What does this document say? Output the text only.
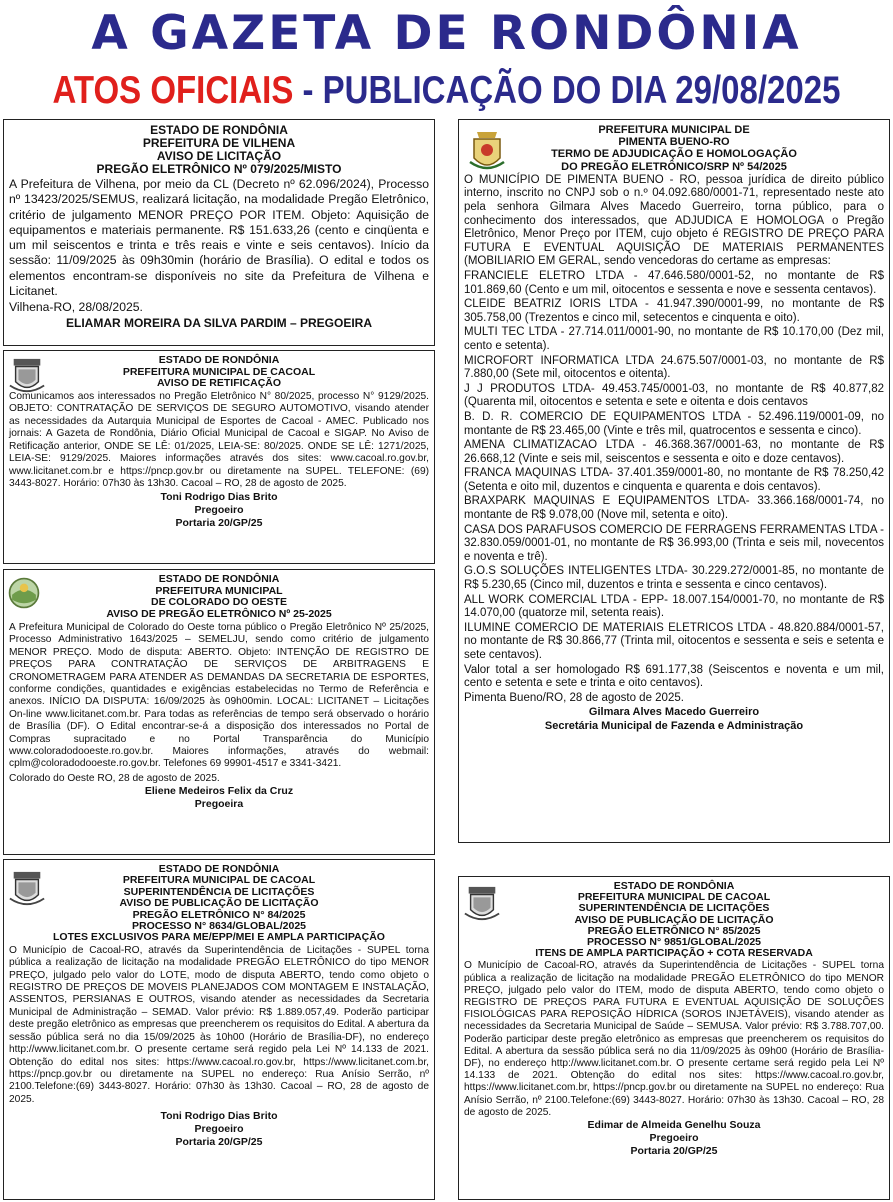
A GAZETA DE RONDÔNIA
ATOS OFICIAIS - PUBLICAÇÃO DO DIA 29/08/2025
ESTADO DE RONDÔNIA
PREFEITURA DE VILHENA
AVISO DE LICITAÇÃO
PREGÃO ELETRÔNICO Nº 079/2025/MISTO
A Prefeitura de Vilhena, por meio da CL (Decreto nº 62.096/2024), Processo nº 13423/2025/SEMUS, realizará licitação, na modalidade Pregão Eletrônico, critério de julgamento MENOR PREÇO POR ITEM. Objeto: Aquisição de equipamentos e materiais permanente. R$ 151.633,26 (cento e cinqüenta e um mil seiscentos e trinta e três reais e vinte e seis centavos). Início da sessão: 11/09/2025 às 09h30min (horário de Brasília). O edital e todos os elementos encontram-se disponíveis no site da Prefeitura de Vilhena e Licitanet.
Vilhena-RO, 28/08/2025.
ELIAMAR MOREIRA DA SILVA PARDIM – PREGOEIRA
ESTADO DE RONDÔNIA
PREFEITURA MUNICIPAL DE CACOAL
AVISO DE RETIFICAÇÃO
Comunicamos aos interessados no Pregão Eletrônico N° 80/2025, processo N° 9129/2025. OBJETO: CONTRATAÇÃO DE SERVIÇOS DE SEGURO AUTOMOTIVO, visando atender as necessidades da Autarquia Municipal de Esportes de Cacoal - AMEC. Publicado nos jornais: A Gazeta de Rondônia, Diário Oficial Municipal de Cacoal e SIGAP. No Aviso de Retificação anterior, ONDE SE LÊ: 01/2025, LEIA-SE: 80/2025. ONDE SE LÊ: 1271/2025, LEIA-SE: 9129/2025. Maiores informações através dos sites: www.cacoal.ro.gov.br, www.licitanet.com.br e https://pncp.gov.br ou diretamente na SUPEL. TELEFONE: (69) 3443-8027. Horário: 07h30 às 13h30. Cacoal – RO, 28 de agosto de 2025.
Toni Rodrigo Dias Brito
Pregoeiro
Portaria 20/GP/25
ESTADO DE RONDÔNIA
PREFEITURA MUNICIPAL
DE COLORADO DO OESTE
AVISO DE PREGÃO ELETRÔNICO Nº 25-2025
A Prefeitura Municipal de Colorado do Oeste torna público o Pregão Eletrônico Nº 25/2025, Processo Administrativo 1643/2025 – SEMELJU, sendo como critério de julgamento MENOR PREÇO. Modo de disputa: ABERTO. Objeto: INTENÇÃO DE REGISTRO DE PREÇOS PARA CONTRATAÇÃO DE SERVIÇOS DE ARBITRAGENS E CRONOMETRAGEM PARA ATENDER AS DEMANDAS DA SECRETARIA DE ESPORTES, conforme condições, quantidades e exigências estabelecidas no Termo de Referência e anexos. INÍCIO DA DISPUTA: 16/09/2025 às 09h00min. LOCAL: LICITANET – Licitações On-line www.licitanet.com.br. Para todas as referências de tempo será observado o horário de Brasília (DF). O Edital encontrar-se-á a disposição dos interessados no Portal de Compras supracitado e no Portal Transparência do Município www.coloradodooeste.ro.gov.br. Maiores informações, através do webmail: cplm@coloradodooeste.ro.gov.br. Telefones 69 99901-4517 e 3341-3421.
Colorado do Oeste RO, 28 de agosto de 2025.
Eliene Medeiros Felix da Cruz
Pregoeira
ESTADO DE RONDÔNIA
PREFEITURA MUNICIPAL DE CACOAL
SUPERINTENDÊNCIA DE LICITAÇÕES
AVISO DE PUBLICAÇÃO DE LICITAÇÃO
PREGÃO ELETRÔNICO N° 84/2025
PROCESSO N° 8634/GLOBAL/2025
LOTES EXCLUSIVOS PARA ME/EPP/MEI E AMPLA PARTICIPAÇÃO
O Município de Cacoal-RO, através da Superintendência de Licitações - SUPEL torna pública a realização de licitação na modalidade PREGÃO ELETRÔNICO do tipo MENOR PREÇO, julgado pelo valor do LOTE, modo de disputa ABERTO, tendo como objeto o REGISTRO DE PREÇOS DE MOVEIS PLANEJADOS COM MONTAGEM E INSTALAÇÃO, ASSENTOS, PERSIANAS E OUTROS, visando atender as necessidades da Secretaria Municipal de Administração – SEMAD. Valor prévio: R$ 1.889.057,49. Poderão participar deste pregão eletrônico as empresas que preencherem os requisitos do Edital. A abertura da sessão pública será no dia 15/09/2025 às 10h00 (Horário de Brasília-DF), no endereço http://www.licitanet.com.br. O presente certame será regido pela Lei Nº 14.133 de 2021. Obtenção do edital nos sites: https://www.cacoal.ro.gov.br, https://www.licitanet.com.br, https://pncp.gov.br ou diretamente na SUPEL no endereço: Rua Anísio Serrão, nº 2100.Telefone:(69) 3443-8027. Horário: 07h30 às 13h30. Cacoal – RO, 28 de agosto de 2025.
Toni Rodrigo Dias Brito
Pregoeiro
Portaria 20/GP/25
PREFEITURA MUNICIPAL DE
PIMENTA BUENO-RO
TERMO DE ADJUDICAÇÃO E HOMOLOGAÇÃO
DO PREGÃO ELETRÔNICO/SRP Nº 54/2025
O MUNICÍPIO DE PIMENTA BUENO - RO, pessoa jurídica de direito público interno, inscrito no CNPJ sob o n.º 04.092.680/0001-71, representado neste ato pela senhora Gilmara Alves Macedo Guerreiro, torna público, para o conhecimento dos interessados, que ADJUDICA E HOMOLOGA o Pregão Eletrônico, Menor Preço por ITEM, cujo objeto é REGISTRO DE PREÇO PARA FUTURA E EVENTUAL AQUISIÇÃO DE MATERIAIS PERMANENTES (MOBILIARIO EM GERAL, sendo vencedoras do certame as empresas:
FRANCIELE ELETRO LTDA - 47.646.580/0001-52, no montante de R$ 101.869,60 (Cento e um mil, oitocentos e sessenta e nove e sessenta centavos).
CLEIDE BEATRIZ IORIS LTDA - 41.947.390/0001-99, no montante de R$ 305.758,00 (Trezentos e cinco mil, setecentos e cinquenta e oito).
MULTI TEC LTDA - 27.714.011/0001-90, no montante de R$ 10.170,00 (Dez mil, cento e setenta).
MICROFORT INFORMATICA LTDA 24.675.507/0001-03, no montante de R$ 7.880,00 (Sete mil, oitocentos e oitenta).
J J PRODUTOS LTDA- 49.453.745/0001-03, no montante de R$ 40.877,82 (Quarenta mil, oitocentos e setenta e sete e oitenta e dois centavos
B. D. R. COMERCIO DE EQUIPAMENTOS LTDA - 52.496.119/0001-09, no montante de R$ 23.465,00 (Vinte e três mil, quatrocentos e sessenta e cinco).
AMENA CLIMATIZACAO LTDA - 46.368.367/0001-63, no montante de R$ 26.668,12 (Vinte e seis mil, seiscentos e sessenta e oito e doze centavos).
FRANCA MAQUINAS LTDA- 37.401.359/0001-80, no montante de R$ 78.250,42 (Setenta e oito mil, duzentos e cinquenta e quarenta e dois centavos).
BRAXPARK MAQUINAS E EQUIPAMENTOS LTDA- 33.366.168/0001-74, no montante de R$ 9.078,00 (Nove mil, setenta e oito).
CASA DOS PARAFUSOS COMERCIO DE FERRAGENS FERRAMENTAS LTDA - 32.830.059/0001-01, no montante de R$ 36.993,00 (Trinta e seis mil, novecentos e noventa e trê).
G.O.S SOLUÇÕES INTELIGENTES LTDA- 30.229.272/0001-85, no montante de R$ 5.230,65 (Cinco mil, duzentos e trinta e sessenta e cinco centavos).
ALL WORK COMERCIAL LTDA - EPP- 18.007.154/0001-70, no montante de R$ 14.070,00 (quatorze mil, setenta reais).
ILUMINE COMERCIO DE MATERIAIS ELETRICOS LTDA - 48.820.884/0001-57, no montante de R$ 30.866,77 (Trinta mil, oitocentos e sessenta e seis e setenta e sete centavos).
Valor total a ser homologado R$ 691.177,38 (Seiscentos e noventa e um mil, cento e setenta e sete e trinta e oito centavos).
Pimenta Bueno/RO, 28 de agosto de 2025.
Gilmara Alves Macedo Guerreiro
Secretária Municipal de Fazenda e Administração
ESTADO DE RONDÔNIA
PREFEITURA MUNICIPAL DE CACOAL
SUPERINTENDÊNCIA DE LICITAÇÕES
AVISO DE PUBLICAÇÃO DE LICITAÇÃO
PREGÃO ELETRÔNICO N° 85/2025
PROCESSO N° 9851/GLOBAL/2025
ITENS DE AMPLA PARTICIPAÇÃO + COTA RESERVADA
O Município de Cacoal-RO, através da Superintendência de Licitações - SUPEL torna pública a realização de licitação na modalidade PREGÃO ELETRÔNICO do tipo MENOR PREÇO, julgado pelo valor do ITEM, modo de disputa ABERTO, tendo como objeto o REGISTRO DE PREÇOS PARA FUTURA E EVENTUAL AQUISIÇÃO DE SOLUÇÕES FISIOLÓGICAS PARA REPOSIÇÃO HÍDRICA (SOROS INJETÁVEIS), visando atender as necessidades da Secretaria Municipal de Saúde – SEMUSA. Valor prévio: R$ 3.788.707,00. Poderão participar deste pregão eletrônico as empresas que preencherem os requisitos do Edital. A abertura da sessão pública será no dia 11/09/2025 às 09h00 (Horário de Brasília-DF), no endereço http://www.licitanet.com.br. O presente certame será regido pela Lei Nº 14.133 de 2021. Obtenção do edital nos sites: https://www.cacoal.ro.gov.br, https://www.licitanet.com.br, https://pncp.gov.br ou diretamente na SUPEL no endereço: Rua Anísio Serrão, nº 2100.Telefone:(69) 3443-8027. Horário: 07h30 às 13h30. Cacoal – RO, 28 de agosto de 2025.
Edimar de Almeida Genelhu Souza
Pregoeiro
Portaria 20/GP/25
